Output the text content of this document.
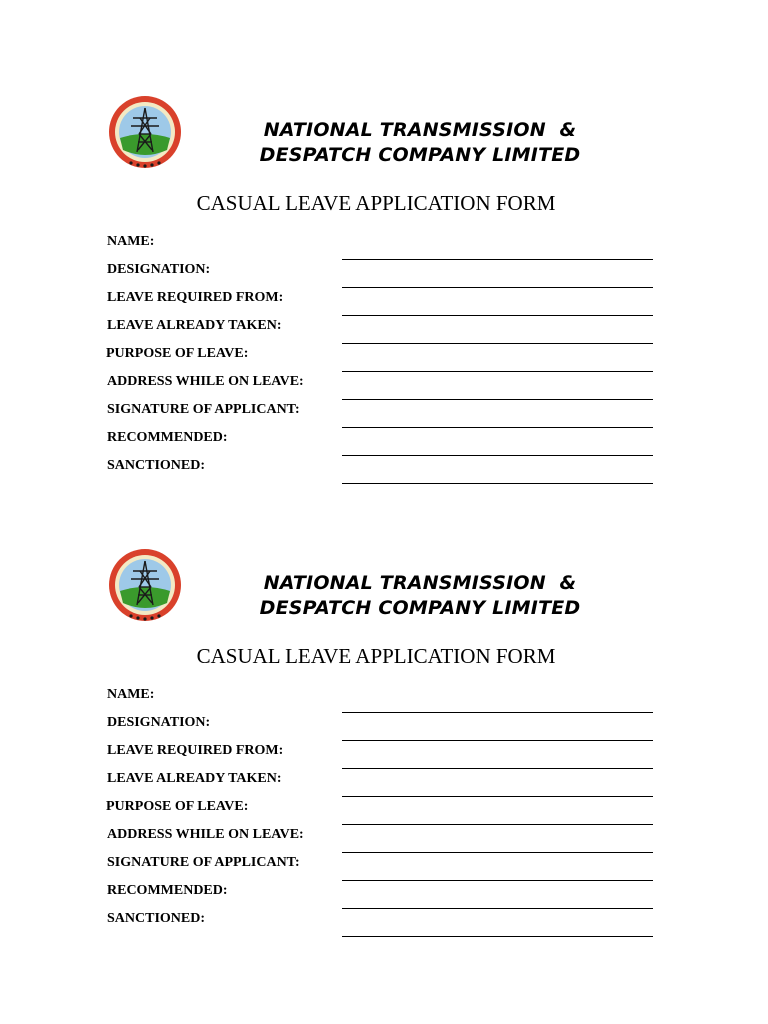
NATIONAL TRANSMISSION  &
DESPATCH COMPANY LIMITED
CASUAL LEAVE APPLICATION FORM
NAME:
DESIGNATION:
LEAVE REQUIRED FROM:
LEAVE ALREADY TAKEN:
PURPOSE OF LEAVE:
ADDRESS WHILE ON LEAVE:
SIGNATURE OF APPLICANT:
RECOMMENDED:
SANCTIONED:
NATIONAL TRANSMISSION  &
DESPATCH COMPANY LIMITED
CASUAL LEAVE APPLICATION FORM
NAME:
DESIGNATION:
LEAVE REQUIRED FROM:
LEAVE ALREADY TAKEN:
PURPOSE OF LEAVE:
ADDRESS WHILE ON LEAVE:
SIGNATURE OF APPLICANT:
RECOMMENDED:
SANCTIONED:
